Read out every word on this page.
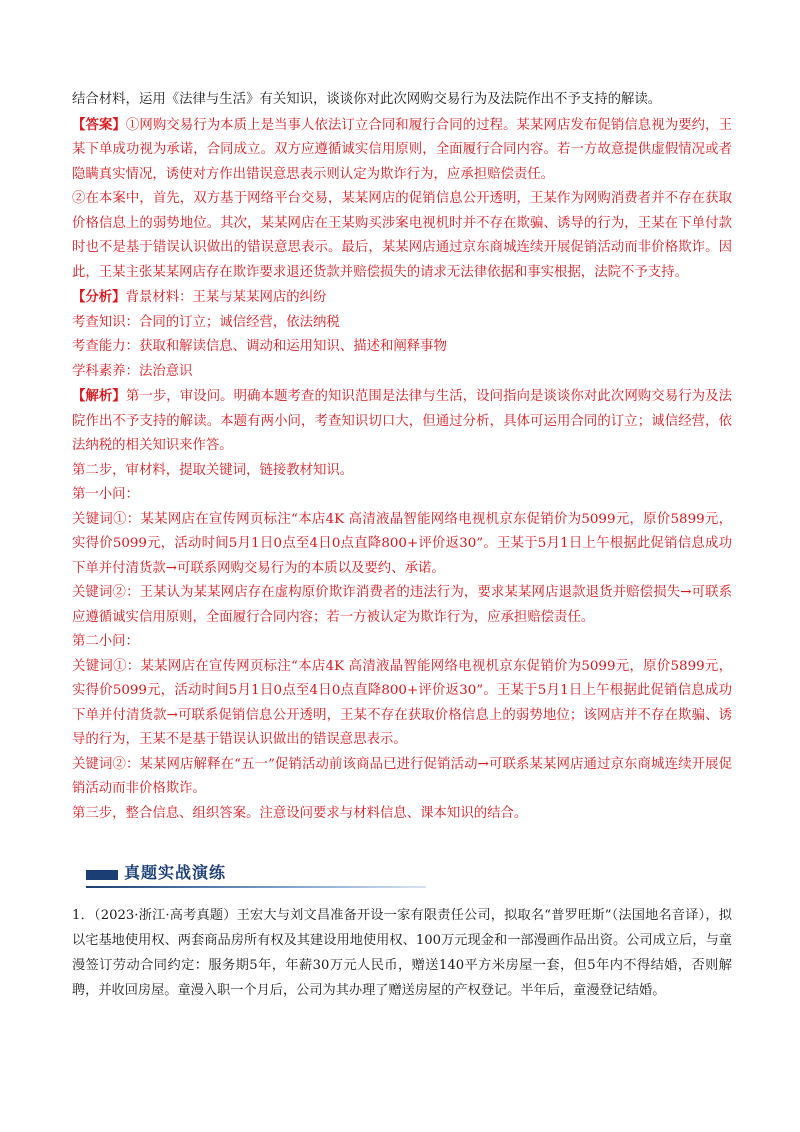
结合材料，运用《法律与生活》有关知识，谈谈你对此次网购交易行为及法院作出不予支持的解读。

【答案】①网购交易行为本质上是当事人依法订立合同和履行合同的过程。某某网店发布促销信息视为要约，王某下单成功视为承诺，合同成立。双方应遵循诚实信用原则，全面履行合同内容。若一方故意提供虚假情况或者隐瞒真实情况，诱使对方作出错误意思表示则认定为欺诈行为，应承担赔偿责任。

②在本案中，首先，双方基于网络平台交易，某某网店的促销信息公开透明，王某作为网购消费者并不存在获取价格信息上的弱势地位。其次，某某网店在王某购买涉案电视机时并不存在欺骗、诱导的行为，王某在下单付款时也不是基于错误认识做出的错误意思表示。最后，某某网店通过京东商城连续开展促销活动而非价格欺诈。因此，王某主张某某网店存在欺诈要求退还货款并赔偿损失的请求无法律依据和事实根据，法院不予支持。

【分析】背景材料：王某与某某网店的纠纷

考查知识：合同的订立；诚信经营，依法纳税

考查能力：获取和解读信息、调动和运用知识、描述和阐释事物

学科素养：法治意识

【解析】第一步，审设问。明确本题考查的知识范围是法律与生活，设问指向是谈谈你对此次网购交易行为及法院作出不予支持的解读。本题有两小问，考查知识切口大，但通过分析，具体可运用合同的订立；诚信经营，依法纳税的相关知识来作答。

第二步，审材料，提取关键词，链接教材知识。

第一小问：

关键词①：某某网店在宣传网页标注“本店4K 高清液晶智能网络电视机京东促销价为5099元，原价5899元，实得价5099元，活动时间5月1日0点至4日0点直降800+评价返30”。王某于5月1日上午根据此促销信息成功下单并付清货款→可联系网购交易行为的本质以及要约、承诺。

关键词②：王某认为某某网店存在虚构原价欺诈消费者的违法行为，要求某某网店退款退货并赔偿损失→可联系应遵循诚实信用原则，全面履行合同内容；若一方被认定为欺诈行为，应承担赔偿责任。

第二小问：

关键词①：某某网店在宣传网页标注“本店4K 高清液晶智能网络电视机京东促销价为5099元，原价5899元，实得价5099元，活动时间5月1日0点至4日0点直降800+评价返30”。王某于5月1日上午根据此促销信息成功下单并付清货款→可联系促销信息公开透明，王某不存在获取价格信息上的弱势地位；该网店并不存在欺骗、诱导的行为，王某不是基于错误认识做出的错误意思表示。

关键词②：某某网店解释在“五一”促销活动前该商品已进行促销活动→可联系某某网店通过京东商城连续开展促销活动而非价格欺诈。

第三步，整合信息、组织答案。注意设问要求与材料信息、课本知识的结合。

真题实战演练

1．（2023·浙江·高考真题）王宏大与刘文昌准备开设一家有限责任公司，拟取名“普罗旺斯”（法国地名音译），拟以宅基地使用权、两套商品房所有权及其建设用地使用权、100万元现金和一部漫画作品出资。公司成立后，与童漫签订劳动合同约定：服务期5年，年薪30万元人民币，赠送140平方米房屋一套，但5年内不得结婚，否则解聘，并收回房屋。童漫入职一个月后，公司为其办理了赠送房屋的产权登记。半年后，童漫登记结婚。
